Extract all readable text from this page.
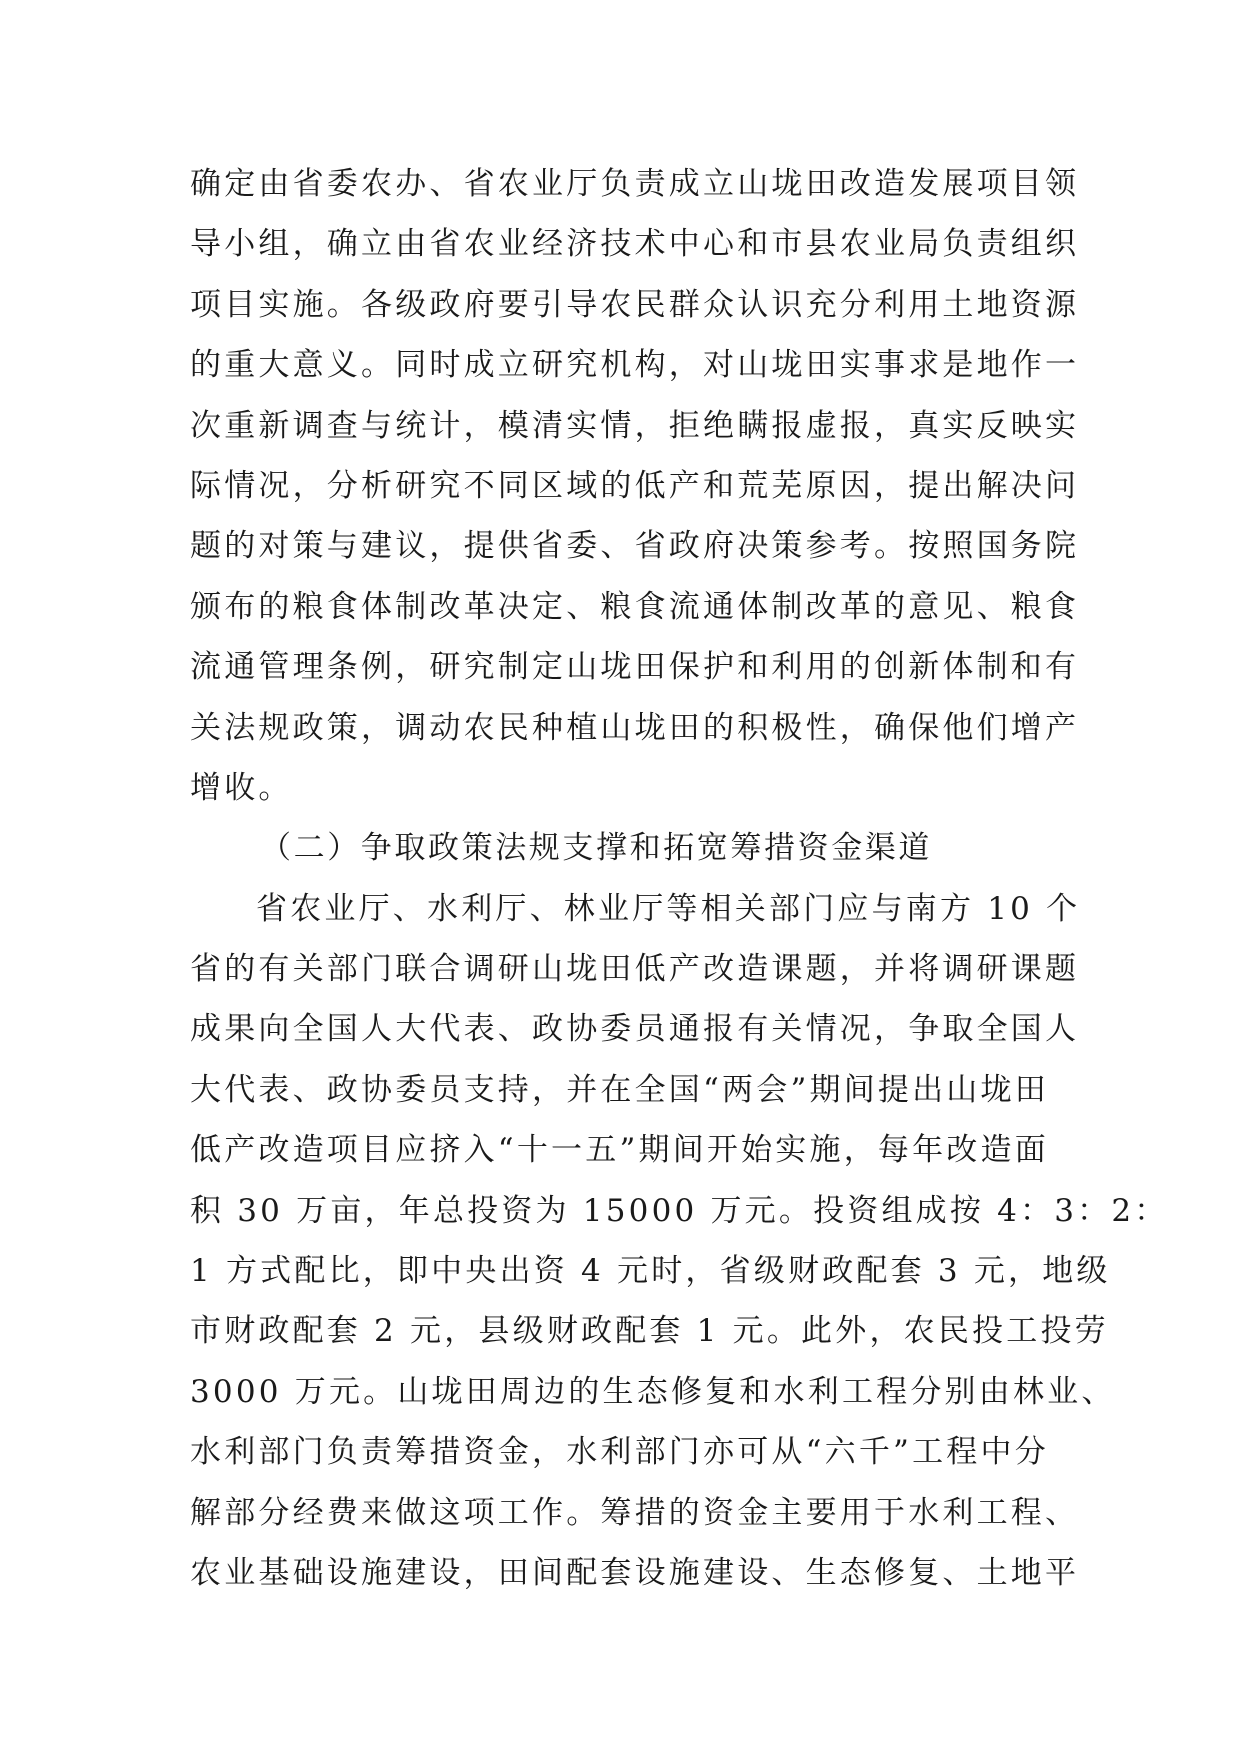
确定由省委农办、省农业厅负责成立山垅田改造发展项目领
导小组，确立由省农业经济技术中心和市县农业局负责组织
项目实施。各级政府要引导农民群众认识充分利用土地资源
的重大意义。同时成立研究机构，对山垅田实事求是地作一
次重新调查与统计，模清实情，拒绝瞒报虚报，真实反映实
际情况，分析研究不同区域的低产和荒芜原因，提出解决问
题的对策与建议，提供省委、省政府决策参考。按照国务院
颁布的粮食体制改革决定、粮食流通体制改革的意见、粮食
流通管理条例，研究制定山垅田保护和利用的创新体制和有
关法规政策，调动农民种植山垅田的积极性，确保他们增产
增收。
（二）争取政策法规支撑和拓宽筹措资金渠道
省农业厅、水利厅、林业厅等相关部门应与南方 10 个
省的有关部门联合调研山垅田低产改造课题，并将调研课题
成果向全国人大代表、政协委员通报有关情况，争取全国人
大代表、政协委员支持，并在全国“两会”期间提出山垅田
低产改造项目应挤入“十一五”期间开始实施，每年改造面
积 30 万亩，年总投资为 15000 万元。投资组成按 4：3：2：
1 方式配比，即中央出资 4 元时，省级财政配套 3 元，地级
市财政配套 2 元，县级财政配套 1 元。此外，农民投工投劳
3000 万元。山垅田周边的生态修复和水利工程分别由林业、
水利部门负责筹措资金，水利部门亦可从“六千”工程中分
解部分经费来做这项工作。筹措的资金主要用于水利工程、
农业基础设施建设，田间配套设施建设、生态修复、土地平
